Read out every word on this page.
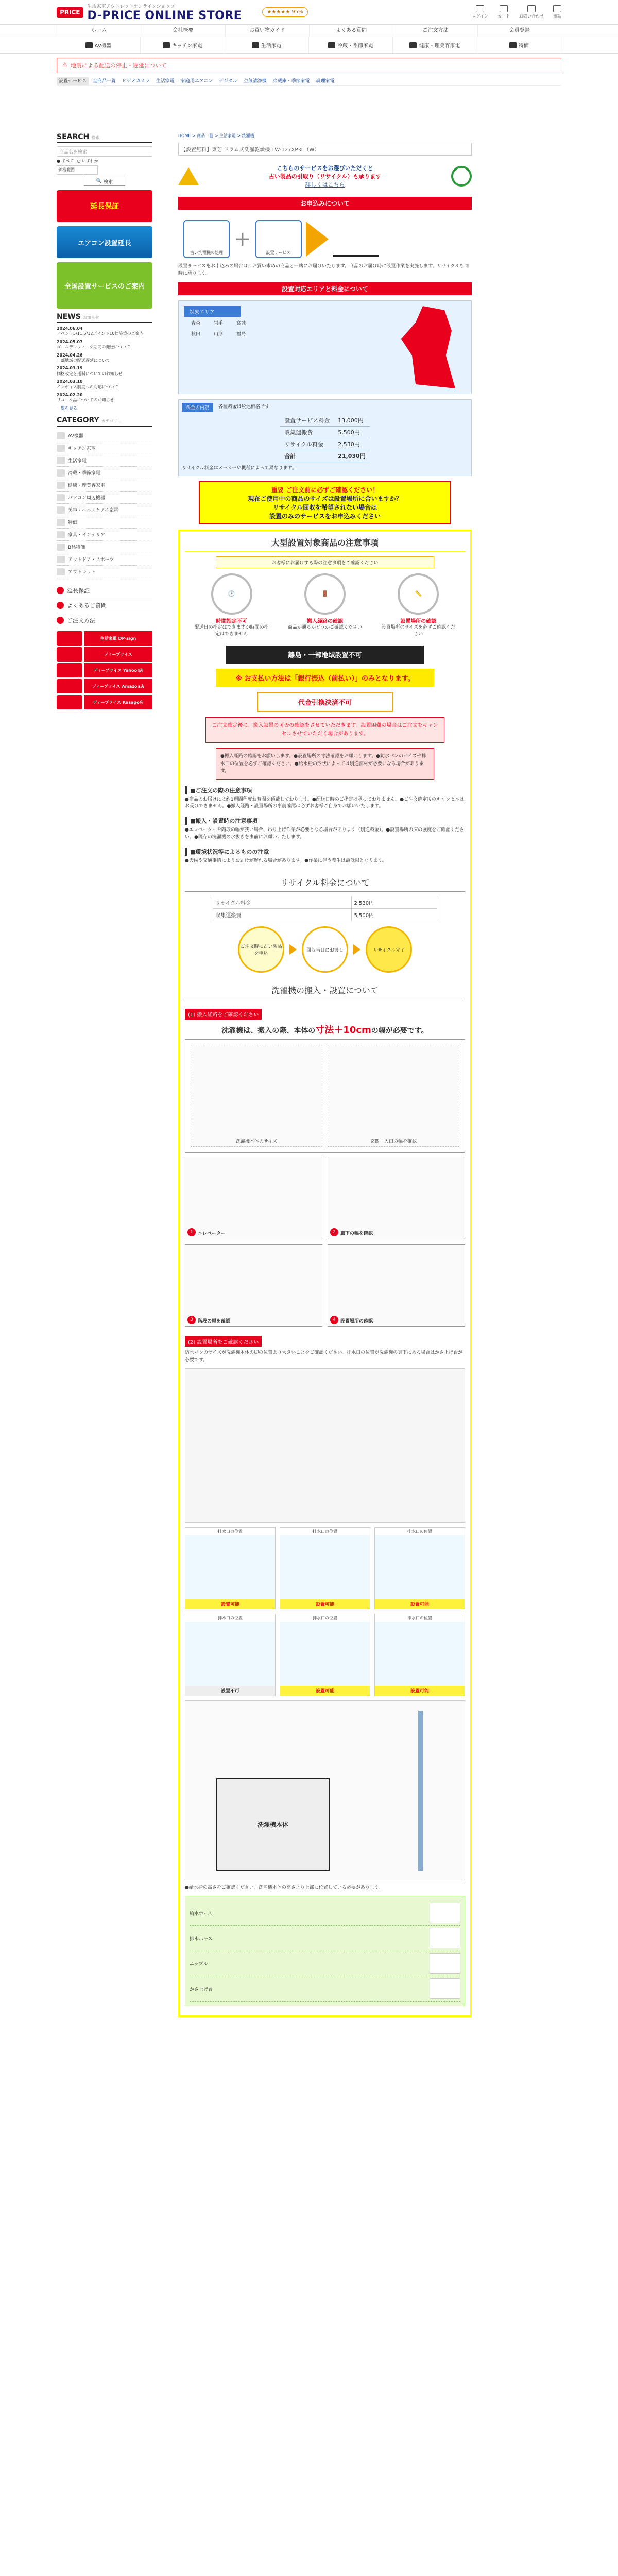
PRICE
生活家電アウトレットオンラインショップ
D-PRICE ONLINE STORE	★★★★★ 95%
ログイン カート お問い合わせ 電話
ホーム	会社概要	お買い物ガイド	よくある質問	ご注文方法	会員登録
AV機器	キッチン家電	生活家電	冷蔵・季節家電	健康・理美容家電	特価
⚠ 地震による配送の停止・遅延について
設置サービス	全商品一覧	ビデオカメラ	生活家電	家庭用エアコン	デジタル	空気清浄機	冷蔵庫・季節家電	調理家電
SEARCH 検索
商品名を検索
● すべて ○ いずれか
価格範囲
🔍 検索
延長保証
エアコン設置延長
全国設置サービスのご案内
NEWS お知らせ
2024.06.04
イベント5/11,5/12ポイント10倍施策のご案内
2024.05.07
ゴールデンウィーク期間の発送について
2024.04.26
一部地域の配送遅延について
2024.03.19
価格改定と送料についてのお知らせ
2024.03.10
インボイス制度への対応について
2024.02.20
リコール品についてのお知らせ
一覧を見る
CATEGORY カテゴリー
AV機器
キッチン家電
生活家電
冷蔵・季節家電
健康・理美容家電
パソコン周辺機器
美容・ヘルスケアイ家電
特価
家具・インテリア
B品特価
アウトドア・スポーツ
アウトレット
延長保証
よくあるご質問
ご注文方法
生活家電 DP-sign
ディープライス
ディープライス Yahoo!店
ディープライス Amazon店
ディープライス Kasago店
HOME > 商品一覧 > 生活家電 > 洗濯機
【設置無料】東芝 ドラム式洗濯乾燥機 TW-127XP3L（W）
こちらのサービスをお選びいただくと
古い製品の引取り（リサイクル）も承ります
詳しくはこちら
お申込みについて
古い洗濯機の処理
+
設置サービス
設置サービスをお申込みの場合は、お買い求めの商品と一緒にお届けいたします。商品のお届け時に設置作業を実施します。リサイクルも同時に承ります。
設置対応エリアと料金について
対象エリア
青森	岩手	宮城
秋田	山形	福島
料金の内訳	各種料金は税込価格です
設置サービス料金	13,000円
収集運搬費	5,500円
リサイクル料金	2,530円
合計	21,030円
リサイクル料金はメーカーや機種によって異なります。
重要 ご注文前に必ずご確認ください！
現在ご使用中の商品のサイズは設置場所に合いますか？
リサイクル回収を希望されない場合は
設置のみのサービスをお申込みください
大型設置対象商品の注意事項
お客様にお届けする際の注意事項をご確認ください
🕑
時間指定不可
配送日の指定はできますが時間の指定はできません
🚪
搬入経路の確認
商品が通るかどうかご確認ください
📏
設置場所の確認
設置場所のサイズを必ずご確認ください
離島・一部地域設置不可
※ お支払い方法は「銀行振込（前払い）」のみとなります。
代金引換決済不可
ご注文確定後に、搬入設置の可否の確認をさせていただきます。設置困難の場合はご注文をキャンセルさせていただく場合があります。
●搬入経路の確認をお願いします。●設置場所の寸法確認をお願いします。●防水パンのサイズや排水口の位置を必ずご確認ください。●給水栓の形状によっては別途部材が必要になる場合があります。
■ご注文の際の注意事項
●商品のお届けには約1週間程度お時間を頂戴しております。●配送日時のご指定は承っておりません。●ご注文確定後のキャンセルはお受けできません。●搬入経路・設置場所の事前確認は必ずお客様ご自身でお願いいたします。
■搬入・設置時の注意事項
●エレベーターや階段の幅が狭い場合、吊り上げ作業が必要となる場合があります（別途料金）。●設置場所の床の強度をご確認ください。●既存の洗濯機の水抜きを事前にお願いいたします。
■環境状況等によるものの注意
●天候や交通事情によりお届けが遅れる場合があります。●作業に伴う養生は最低限となります。
リサイクル料金について
リサイクル料金	2,530円
収集運搬費	5,500円
ご注文時に古い製品を申込
回収当日にお渡し	リサイクル完了
洗濯機の搬入・設置について
(1) 搬入経路をご確認ください
洗濯機は、搬入の際、本体の寸法＋10cmの幅が必要です。
洗濯機本体のサイズ	玄関・入口の幅を確認
1	エレベーター	2	廊下の幅を確認
3	階段の幅を確認	4	設置場所の確認
(2) 設置場所をご確認ください
防水パンのサイズが洗濯機本体の脚の位置より大きいことをご確認ください。排水口の位置が洗濯機の真下にある場合はかさ上げ台が必要です。
排水口の位置
設置可能
排水口の位置
設置可能
排水口の位置
設置可能
排水口の位置
設置不可
排水口の位置
設置可能
排水口の位置
設置可能
洗濯機本体
●給水栓の高さをご確認ください。洗濯機本体の高さより上部に位置している必要があります。
給水ホース
排水ホース
ニップル
かさ上げ台
